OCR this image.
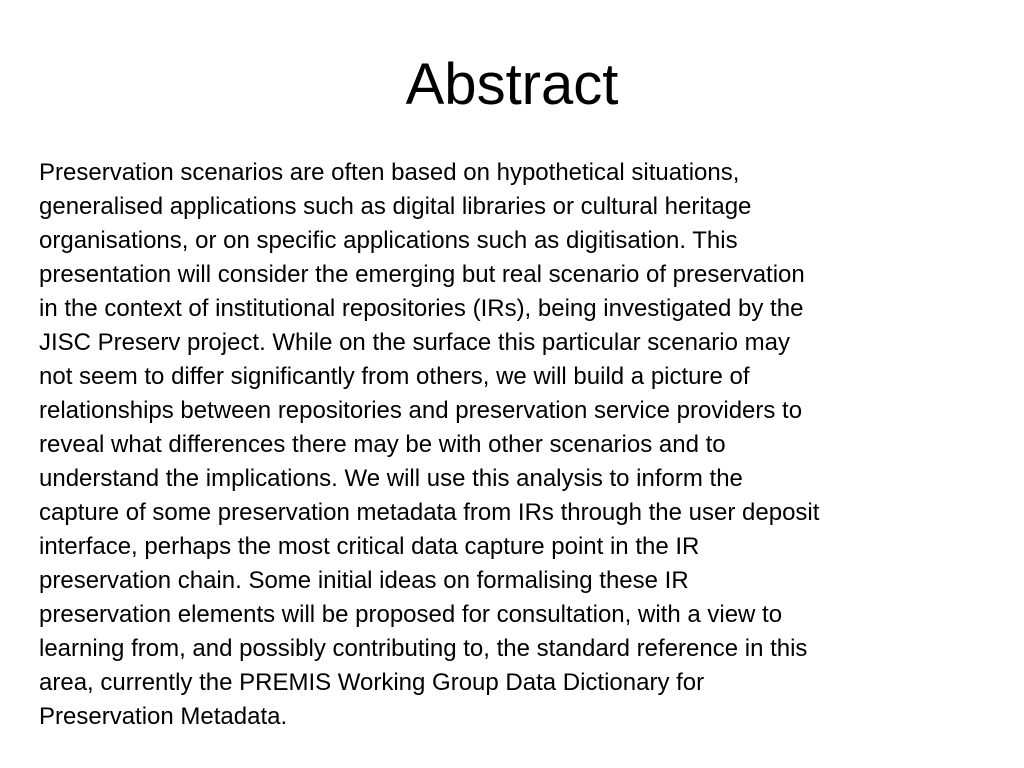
Abstract
Preservation scenarios are often based on hypothetical situations,
generalised applications such as digital libraries or cultural heritage
organisations, or on specific applications such as digitisation. This
presentation will consider the emerging but real scenario of preservation
in the context of institutional repositories (IRs), being investigated by the
JISC Preserv project. While on the surface this particular scenario may
not seem to differ significantly from others, we will build a picture of
relationships between repositories and preservation service providers to
reveal what differences there may be with other scenarios and to
understand the implications. We will use this analysis to inform the
capture of some preservation metadata from IRs through the user deposit
interface, perhaps the most critical data capture point in the IR
preservation chain. Some initial ideas on formalising these IR
preservation elements will be proposed for consultation, with a view to
learning from, and possibly contributing to, the standard reference in this
area, currently the PREMIS Working Group Data Dictionary for
Preservation Metadata.
